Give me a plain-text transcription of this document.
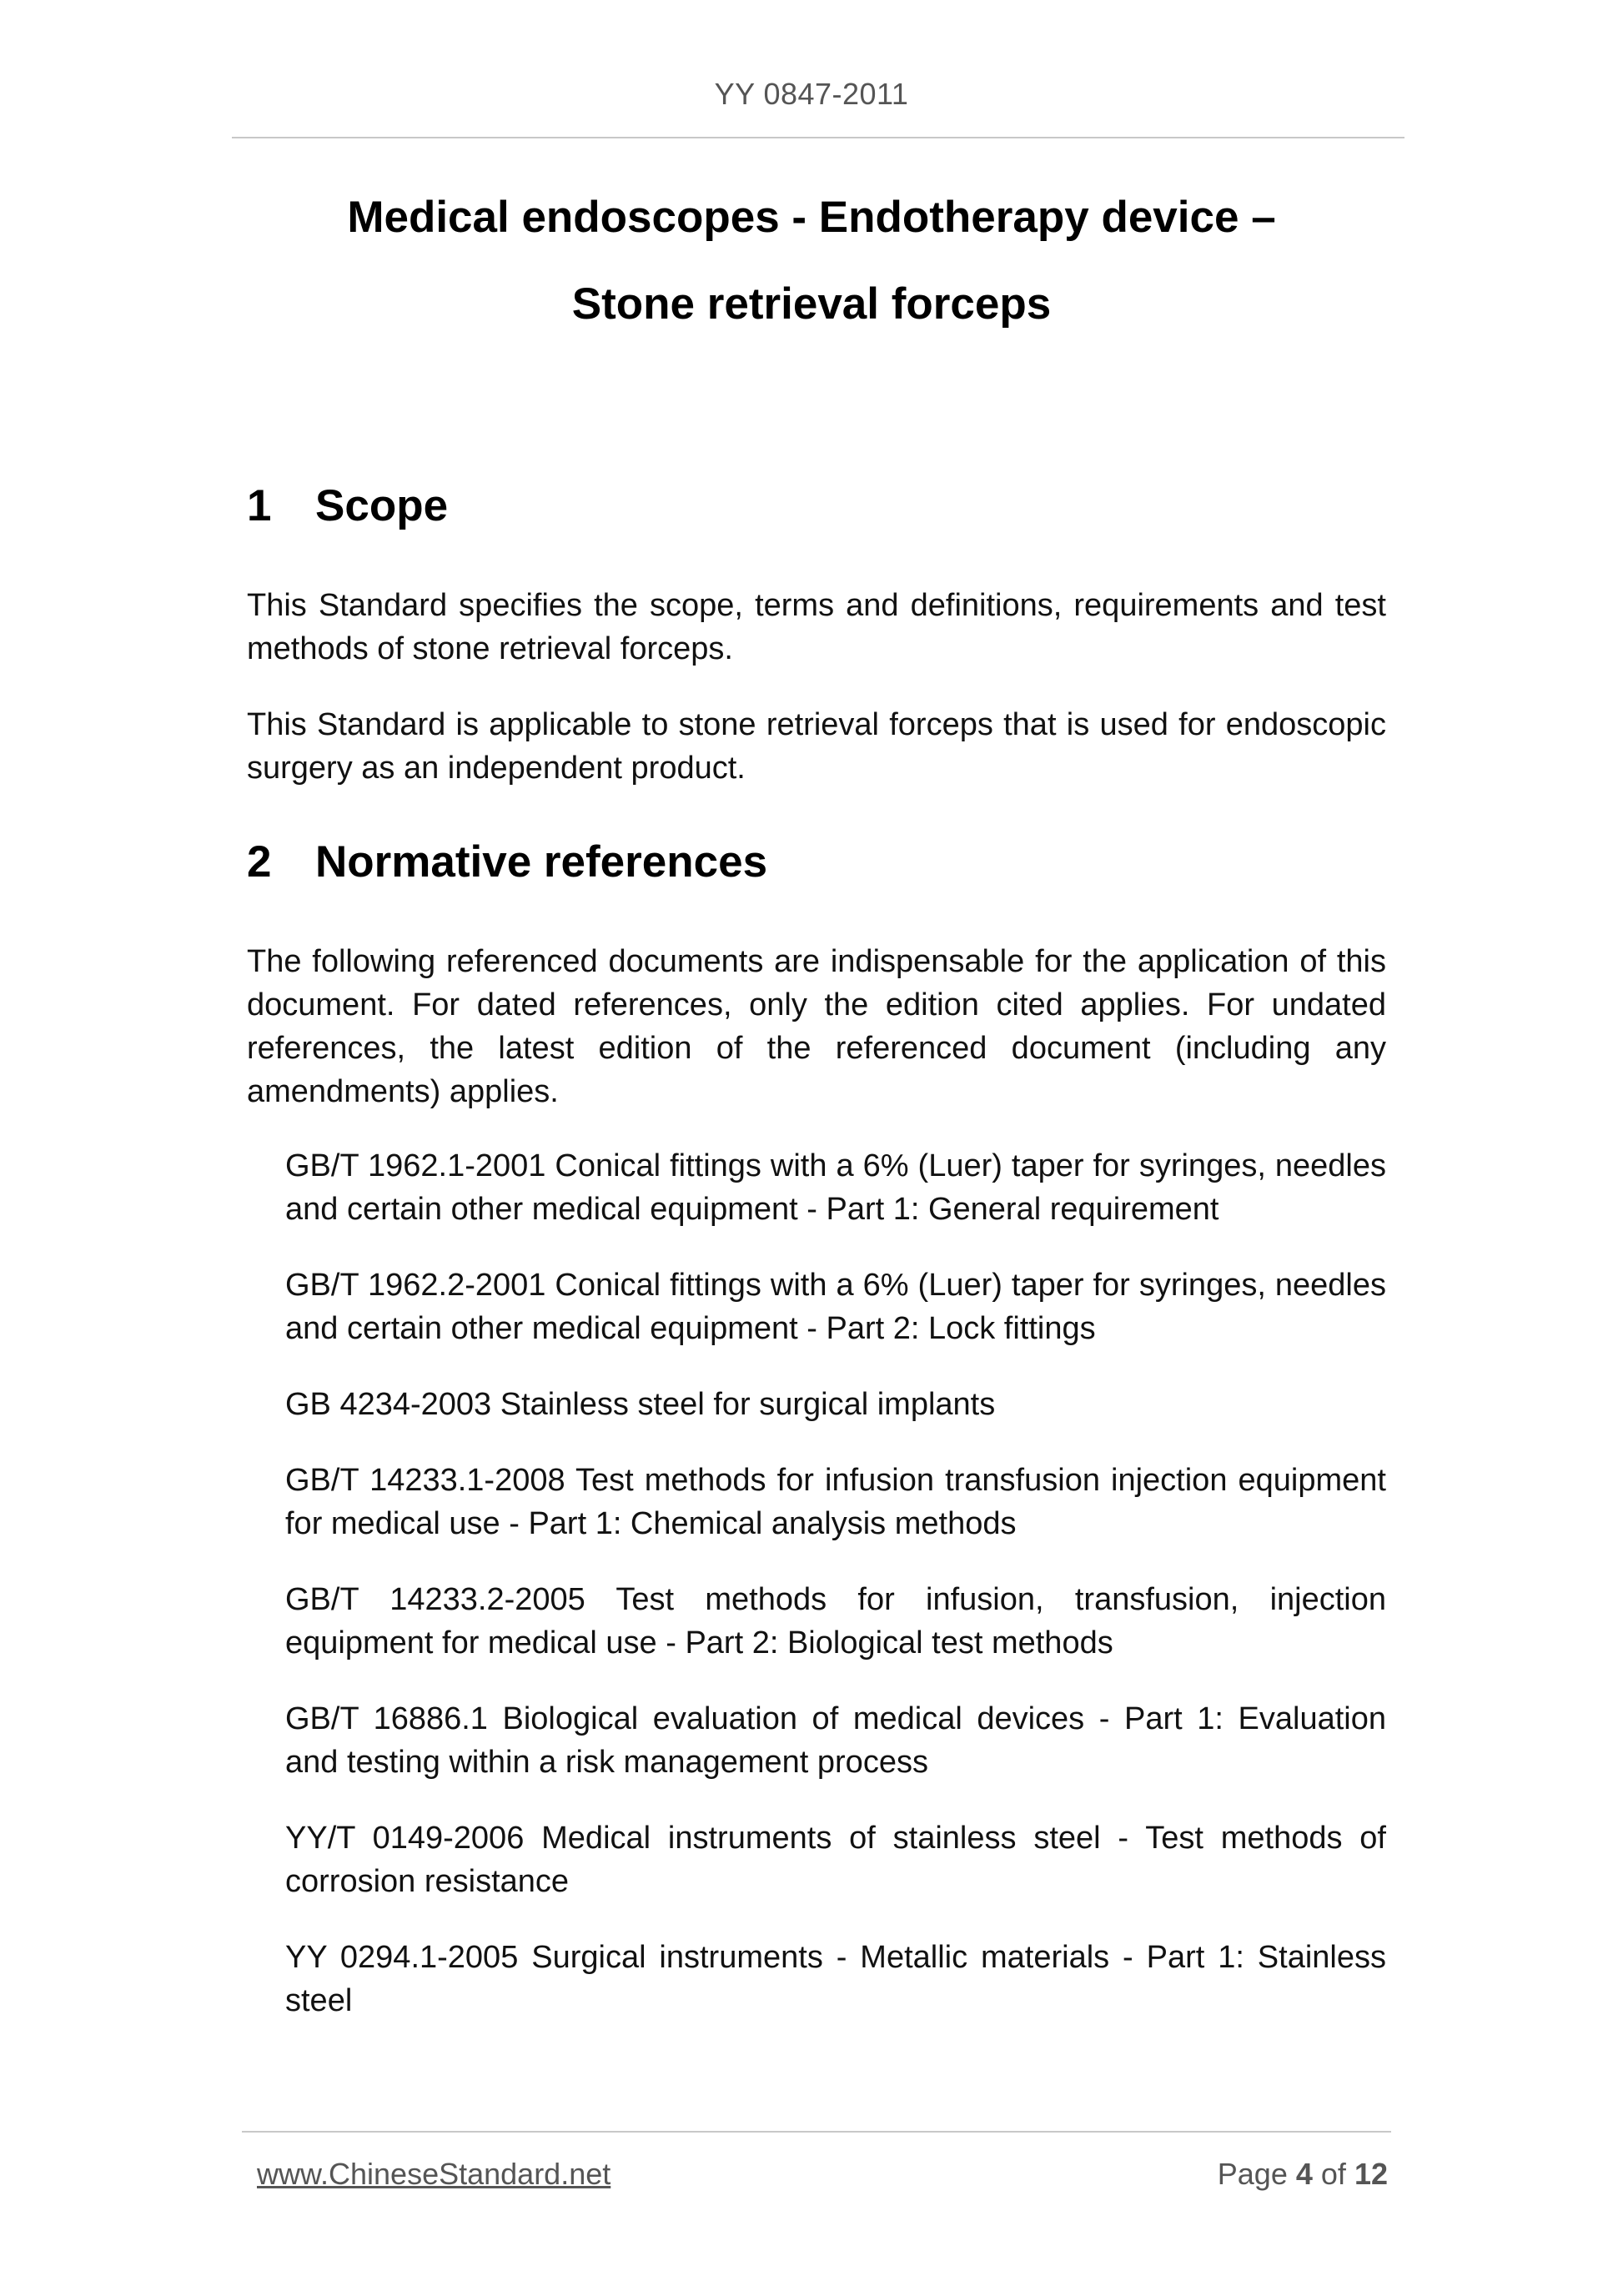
YY 0847-2011
Medical endoscopes - Endotherapy device –
Stone retrieval forceps
1 Scope

This Standard specifies the scope, terms and definitions, requirements and test methods of stone retrieval forceps.

This Standard is applicable to stone retrieval forceps that is used for endoscopic surgery as an independent product.

2 Normative references

The following referenced documents are indispensable for the application of this document. For dated references, only the edition cited applies. For undated references, the latest edition of the referenced document (including any amendments) applies.

GB/T 1962.1-2001 Conical fittings with a 6% (Luer) taper for syringes, needles and certain other medical equipment - Part 1: General requirement
GB/T 1962.2-2001 Conical fittings with a 6% (Luer) taper for syringes, needles and certain other medical equipment - Part 2: Lock fittings
GB 4234-2003 Stainless steel for surgical implants
GB/T 14233.1-2008 Test methods for infusion transfusion injection equipment for medical use - Part 1: Chemical analysis methods
GB/T 14233.2-2005 Test methods for infusion, transfusion, injection equipment for medical use - Part 2: Biological test methods
GB/T 16886.1 Biological evaluation of medical devices - Part 1: Evaluation and testing within a risk management process
YY/T 0149-2006 Medical instruments of stainless steel - Test methods of corrosion resistance
YY 0294.1-2005 Surgical instruments - Metallic materials - Part 1: Stainless steel
www.ChineseStandard.net	Page 4 of 12
